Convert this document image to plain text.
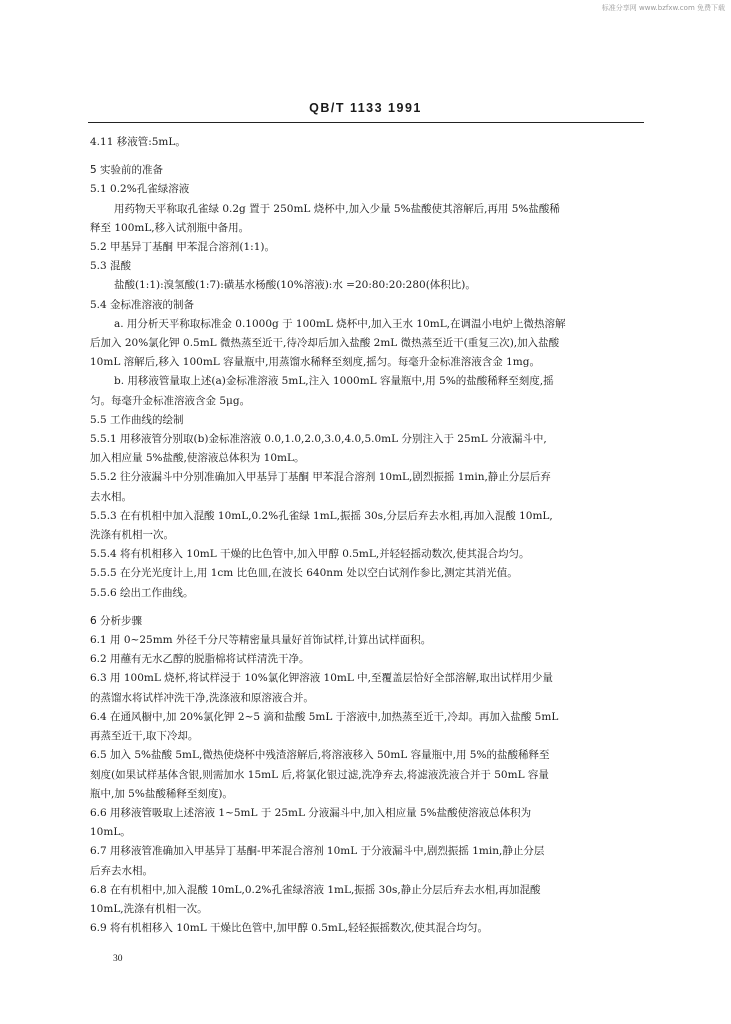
标准分享网 www.bzfxw.com 免费下载
QB/T 1133 1991

4.11 移液管:5mL。

5 实验前的准备

5.1 0.2%孔雀绿溶液

用药物天平称取孔雀绿 0.2g 置于 250mL 烧杯中,加入少量 5%盐酸使其溶解后,再用 5%盐酸稀

释至 100mL,移入试剂瓶中备用。

5.2 甲基异丁基酮 甲苯混合溶剂(1:1)。

5.3 混酸

盐酸(1:1):溴氢酸(1:7):磺基水杨酸(10%溶液):水 =20:80:20:280(体积比)。

5.4 金标准溶液的制备

a. 用分析天平称取标准金 0.1000g 于 100mL 烧杯中,加入王水 10mL,在调温小电炉上微热溶解

后加入 20%氯化钾 0.5mL 微热蒸至近干,待冷却后加入盐酸 2mL 微热蒸至近干(重复三次),加入盐酸

10mL 溶解后,移入 100mL 容量瓶中,用蒸馏水稀释至刻度,摇匀。每毫升金标准溶液含金 1mg。

b. 用移液管量取上述(a)金标准溶液 5mL,注入 1000mL 容量瓶中,用 5%的盐酸稀释至刻度,摇

匀。每毫升金标准溶液含金 5μg。

5.5 工作曲线的绘制

5.5.1 用移液管分别取(b)金标准溶液 0.0,1.0,2.0,3.0,4.0,5.0mL 分别注入于 25mL 分液漏斗中,

加入相应量 5%盐酸,使溶液总体积为 10mL。

5.5.2 往分液漏斗中分别准确加入甲基异丁基酮 甲苯混合溶剂 10mL,剧烈振摇 1min,静止分层后弃

去水相。

5.5.3 在有机相中加入混酸 10mL,0.2%孔雀绿 1mL,振摇 30s,分层后弃去水相,再加入混酸 10mL,

洗涤有机相一次。

5.5.4 将有机相移入 10mL 干燥的比色管中,加入甲醇 0.5mL,并轻轻摇动数次,使其混合均匀。

5.5.5 在分光光度计上,用 1cm 比色皿,在波长 640nm 处以空白试剂作参比,测定其消光值。

5.5.6 绘出工作曲线。

6 分析步骤

6.1 用 0~25mm 外径千分尺等精密量具量好首饰试样,计算出试样面积。

6.2 用蘸有无水乙醇的脱脂棉将试样清洗干净。

6.3 用 100mL 烧杯,将试样浸于 10%氯化钾溶液 10mL 中,至覆盖层恰好全部溶解,取出试样用少量

的蒸馏水将试样冲洗干净,洗涤液和原溶液合并。

6.4 在通风橱中,加 20%氯化钾 2~5 滴和盐酸 5mL 于溶液中,加热蒸至近干,冷却。再加入盐酸 5mL

再蒸至近干,取下冷却。

6.5 加入 5%盐酸 5mL,微热使烧杯中残渣溶解后,将溶液移入 50mL 容量瓶中,用 5%的盐酸稀释至

刻度(如果试样基体含银,则需加水 15mL 后,将氯化银过滤,洗净弃去,将滤液洗液合并于 50mL 容量

瓶中,加 5%盐酸稀释至刻度)。

6.6 用移液管吸取上述溶液 1~5mL 于 25mL 分液漏斗中,加入相应量 5%盐酸使溶液总体积为

10mL。

6.7 用移液管准确加入甲基异丁基酮-甲苯混合溶剂 10mL 于分液漏斗中,剧烈振摇 1min,静止分层

后弃去水相。

6.8 在有机相中,加入混酸 10mL,0.2%孔雀绿溶液 1mL,振摇 30s,静止分层后弃去水相,再加混酸

10mL,洗涤有机相一次。

6.9 将有机相移入 10mL 干燥比色管中,加甲醇 0.5mL,轻轻振摇数次,使其混合均匀。

30
